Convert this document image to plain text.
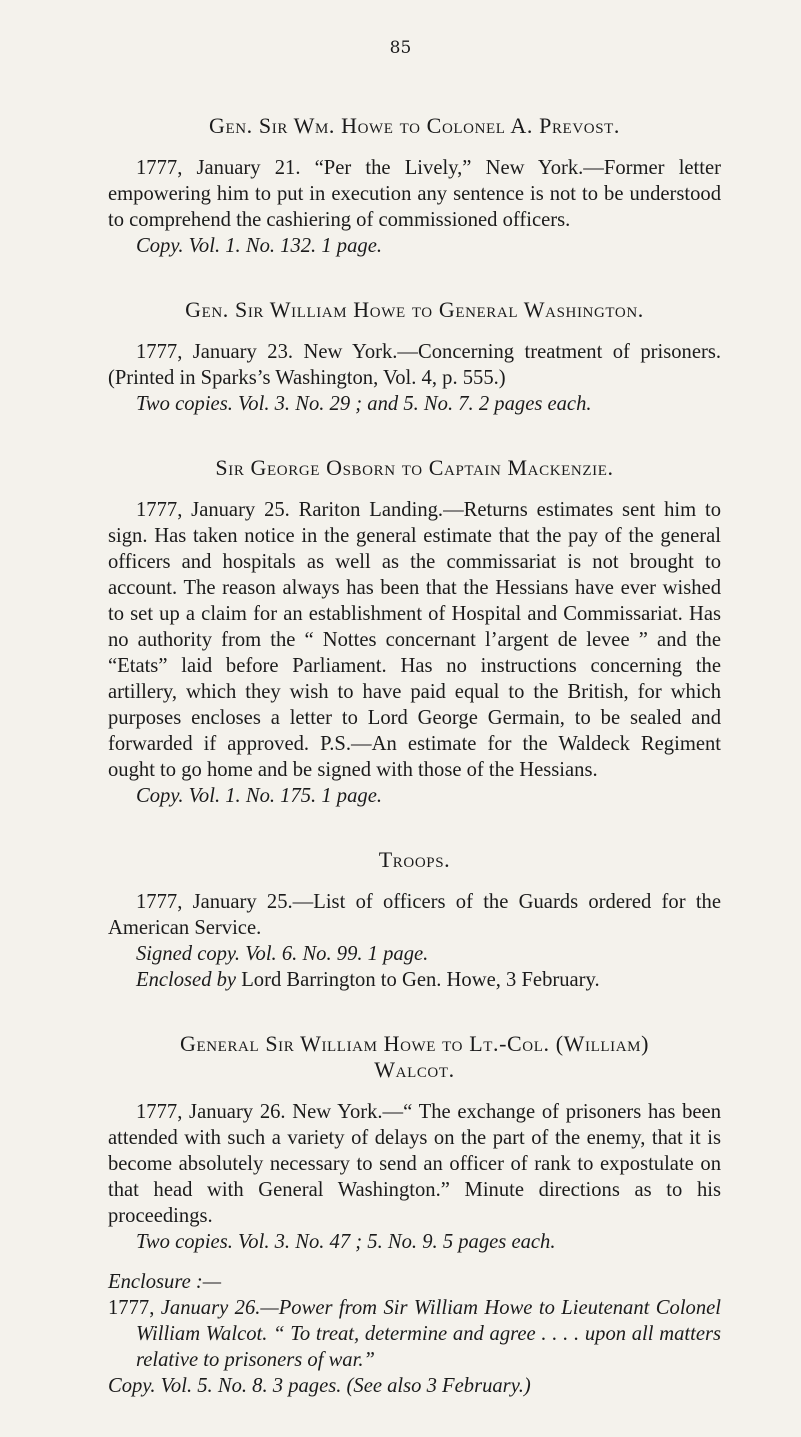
85
Gen. Sir Wm. Howe to Colonel A. Prevost.

1777, January 21. “Per the Lively,” New York.—Former letter empowering him to put in execution any sentence is not to be understood to comprehend the cashiering of commissioned officers.

Copy. Vol. 1. No. 132. 1 page.

Gen. Sir William Howe to General Washington.

1777, January 23. New York.—Concerning treatment of prisoners. (Printed in Sparks’s Washington, Vol. 4, p. 555.)

Two copies. Vol. 3. No. 29 ; and 5. No. 7. 2 pages each.

Sir George Osborn to Captain Mackenzie.

1777, January 25. Rariton Landing.—Returns estimates sent him to sign. Has taken notice in the general estimate that the pay of the general officers and hospitals as well as the commissariat is not brought to account. The reason always has been that the Hessians have ever wished to set up a claim for an establishment of Hospital and Commissariat. Has no authority from the “ Nottes concernant l’argent de levee ” and the “Etats” laid before Parliament. Has no instructions concerning the artillery, which they wish to have paid equal to the British, for which purposes encloses a letter to Lord George Germain, to be sealed and forwarded if approved. P.S.—An estimate for the Waldeck Regiment ought to go home and be signed with those of the Hessians.

Copy. Vol. 1. No. 175. 1 page.

Troops.

1777, January 25.—List of officers of the Guards ordered for the American Service.

Signed copy. Vol. 6. No. 99. 1 page.

Enclosed by Lord Barrington to Gen. Howe, 3 February.

General Sir William Howe to Lt.-Col. (William) Walcot.

1777, January 26. New York.—“ The exchange of prisoners has been attended with such a variety of delays on the part of the enemy, that it is become absolutely necessary to send an officer of rank to expostulate on that head with General Washington.” Minute directions as to his proceedings.

Two copies. Vol. 3. No. 47 ; 5. No. 9. 5 pages each.

Enclosure :—

1777, January 26.—Power from Sir William Howe to Lieutenant Colonel William Walcot. “ To treat, determine and agree . . . . upon all matters relative to prisoners of war.”

Copy. Vol. 5. No. 8. 3 pages. (See also 3 February.)
